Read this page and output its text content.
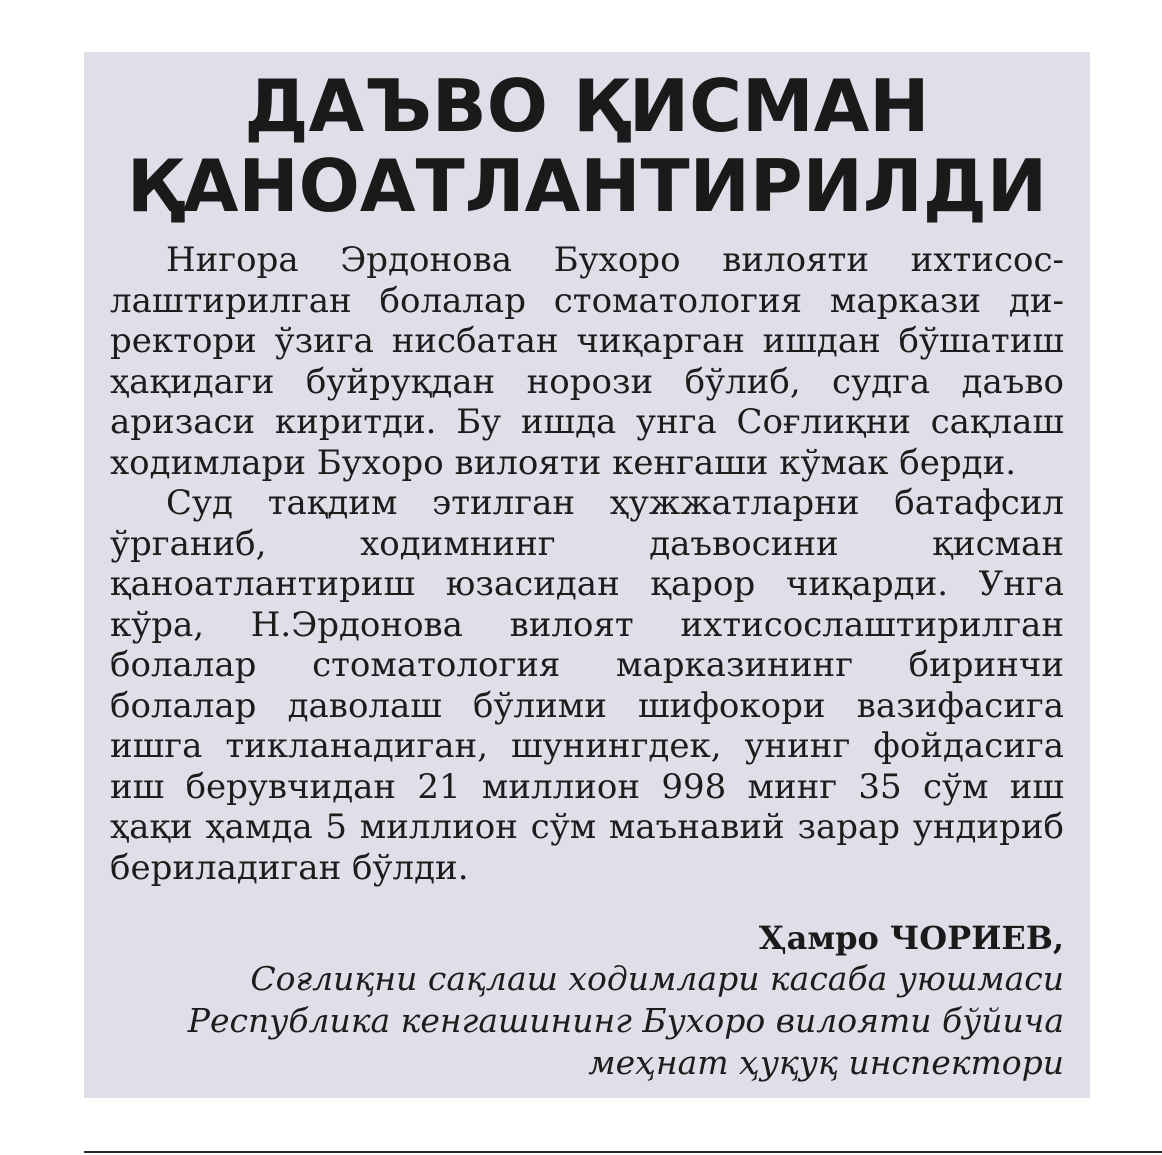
ДАЪВО ҚИСМАН
ҚАНОАТЛАНТИРИЛДИ

Нигора Эрдонова Бухоро вилояти ихтисослаштирилган болалар стоматология маркази директори ўзига нисбатан чиқарган ишдан бўшатиш ҳақидаги буйруқдан норози бўлиб, судга даъво аризаси киритди. Бу ишда унга Соғлиқни сақлаш ходимлари Бухоро вилояти кенгаши кўмак берди.

Суд тақдим этилган ҳужжатларни батафсил ўрганиб, ходимнинг даъвосини қисман қаноатлантириш юзасидан қарор чиқарди. Унга кўра, Н.Эрдонова вилоят ихтисослаштирилган болалар стоматология марказининг биринчи болалар даволаш бўлими шифокори вазифасига ишга тикланадиган, шунингдек, унинг фойдасига иш берувчидан 21 миллион 998 минг 35 сўм иш ҳақи ҳамда 5 миллион сўм маънавий зарар ундириб бериладиган бўлди.

Ҳамро ЧОРИЕВ,
Соғлиқни сақлаш ходимлари касаба уюшмаси
Республика кенгашининг Бухоро вилояти бўйича
меҳнат ҳуқуқ инспектори
